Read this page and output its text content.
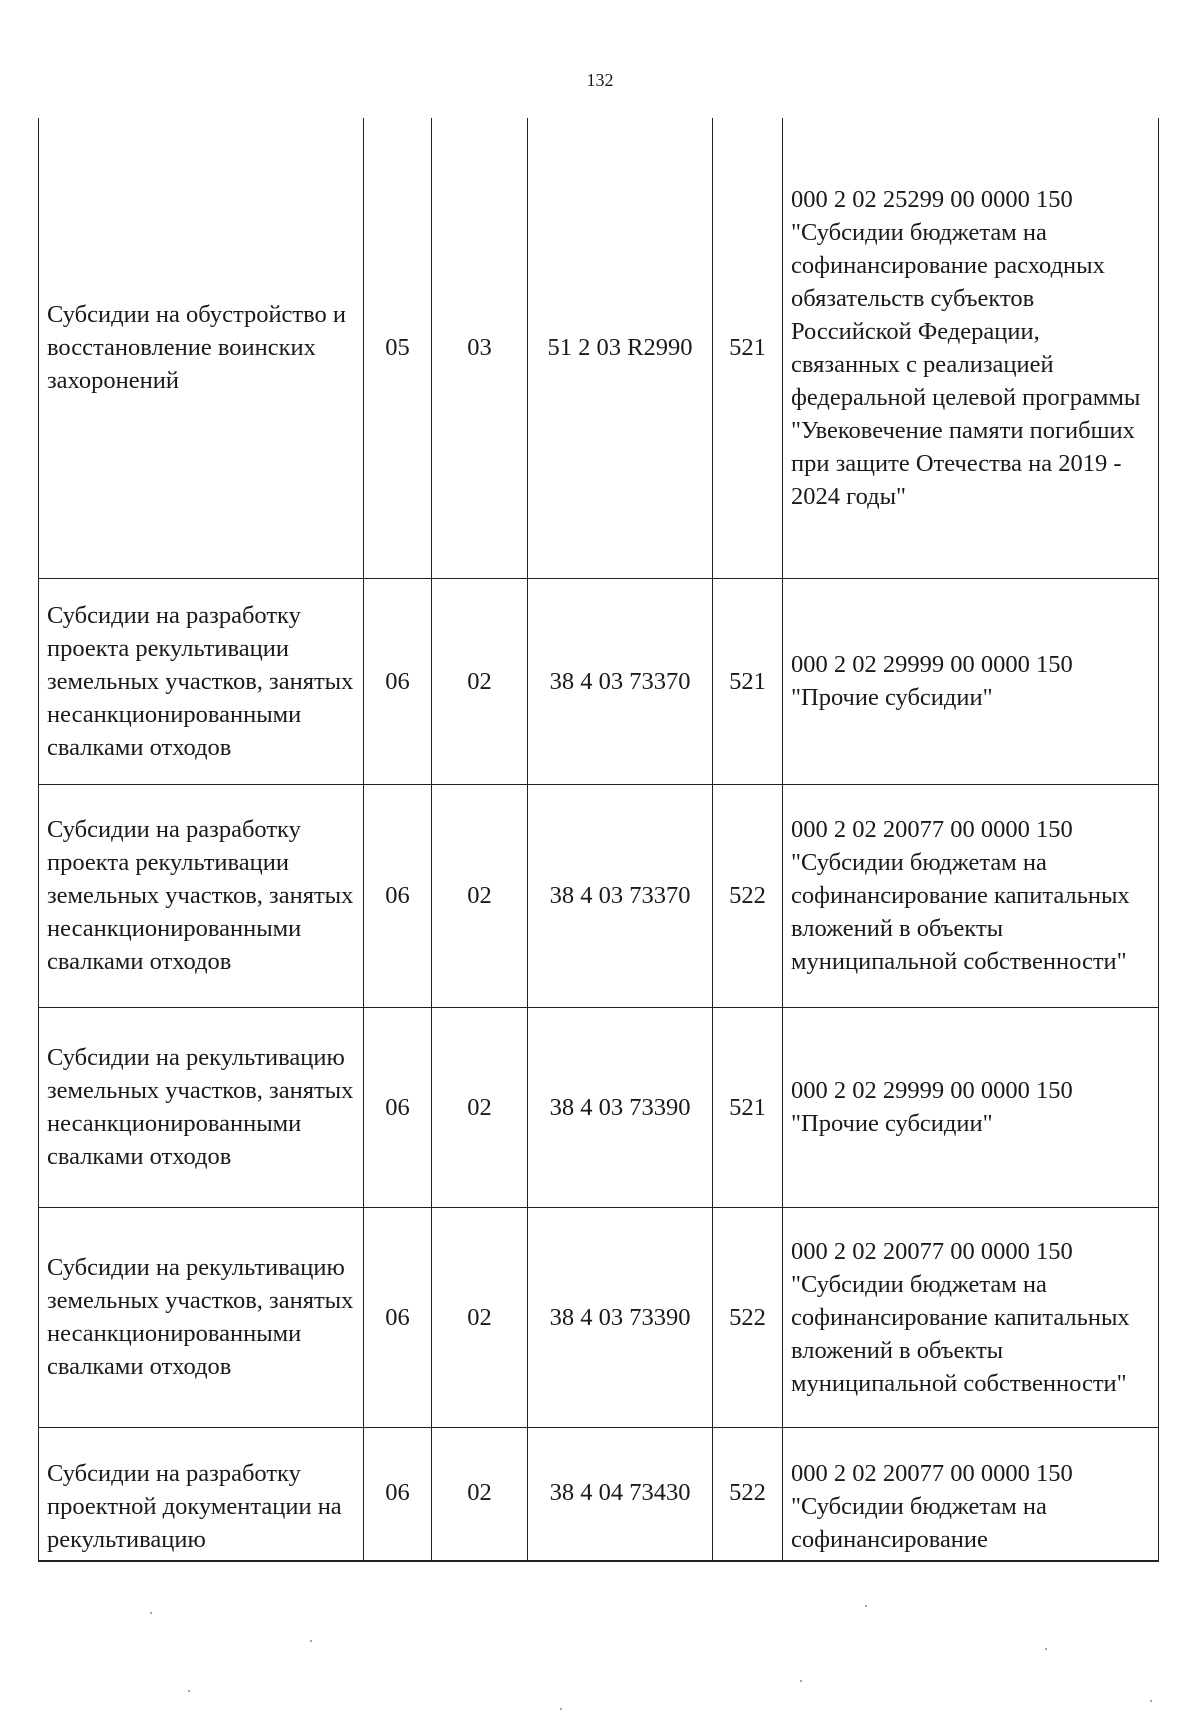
132
Субсидии на обустройство и восстановление воинских захоронений	05	03	51 2 03 R2990	521	000 2 02 25299 00 0000 150 "Субсидии бюджетам на софинансирование расходных обязательств субъектов Российской Федерации, связанных с реализацией федеральной целевой программы "Увековечение памяти погибших при защите Отечества на 2019 - 2024 годы"
Субсидии на разработку проекта рекультивации земельных участков, занятых несанкционированными свалками отходов	06	02	38 4 03 73370	521	000 2 02 29999 00 0000 150 "Прочие субсидии"
Субсидии на разработку проекта рекультивации земельных участков, занятых несанкционированными свалками отходов	06	02	38 4 03 73370	522	000 2 02 20077 00 0000 150 "Субсидии бюджетам на софинансирование капитальных вложений в объекты муниципальной собственности"
Субсидии на рекультивацию земельных участков, занятых несанкционированными свалками отходов	06	02	38 4 03 73390	521	000 2 02 29999 00 0000 150 "Прочие субсидии"
Субсидии на рекультивацию земельных участков, занятых несанкционированными свалками отходов	06	02	38 4 03 73390	522	000 2 02 20077 00 0000 150 "Субсидии бюджетам на софинансирование капитальных вложений в объекты муниципальной собственности"
Субсидии на разработку проектной документации на рекультивацию	06	02	38 4 04 73430	522	000 2 02 20077 00 0000 150 "Субсидии бюджетам на софинансирование
